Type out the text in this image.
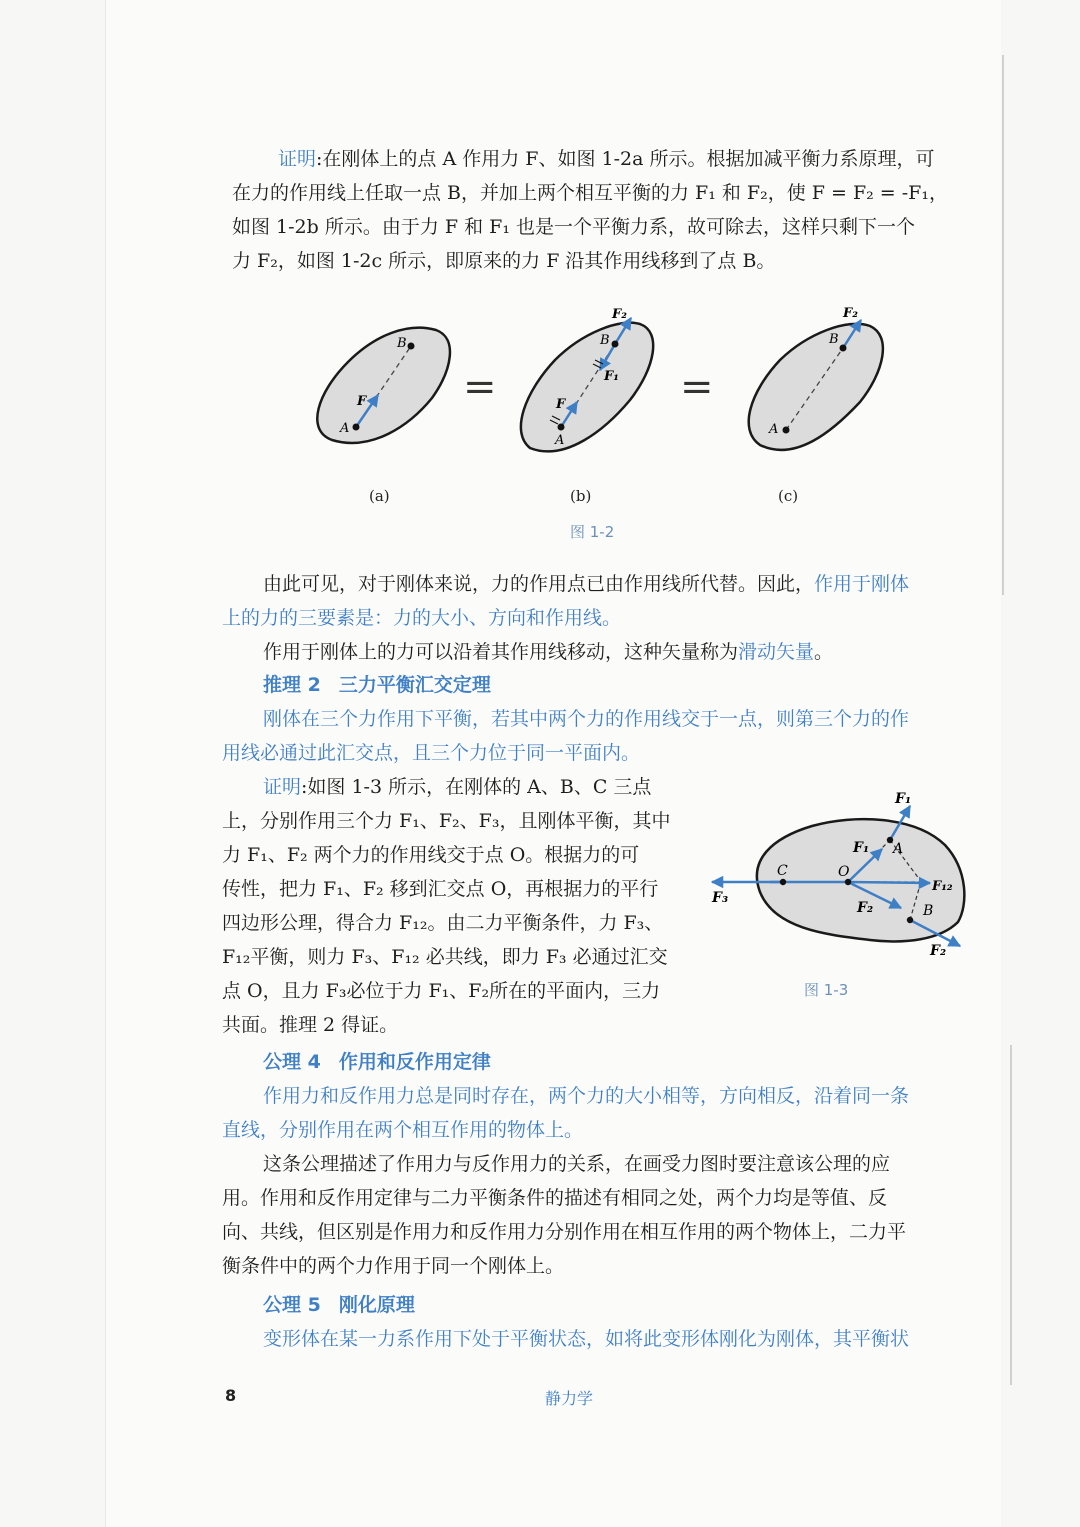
证明:在刚体上的点 A 作用力 F、如图 1-2a 所示。根据加减平衡力系原理，可
在力的作用线上任取一点 B，并加上两个相互平衡的力 F₁ 和 F₂，使 F = F₂ = -F₁，
如图 1-2b 所示。由于力 F 和 F₁ 也是一个平衡力系，故可除去，这样只剩下一个
力 F₂，如图 1-2c 所示，即原来的力 F 沿其作用线移到了点 B。
A
B
F =
A
B
F
F₁
F₂
=
A
B
F₂
(a)	(b)	(c)
图 1-2
由此可见，对于刚体来说，力的作用点已由作用线所代替。因此，作用于刚体
上的力的三要素是：力的大小、方向和作用线。
作用于刚体上的力可以沿着其作用线移动，这种矢量称为滑动矢量。
推理 2 三力平衡汇交定理
刚体在三个力作用下平衡，若其中两个力的作用线交于一点，则第三个力的作
用线必通过此汇交点，且三个力位于同一平面内。
证明:如图 1-3 所示，在刚体的 A、B、C 三点
上，分别作用三个力 F₁、F₂、F₃，且刚体平衡，其中
力 F₁、F₂ 两个力的作用线交于点 O。根据力的可
传性，把力 F₁、F₂ 移到汇交点 O，再根据力的平行
四边形公理，得合力 F₁₂。由二力平衡条件，力 F₃、
F₁₂平衡，则力 F₃、F₁₂ 必共线，即力 F₃ 必通过汇交
点 O，且力 F₃必位于力 F₁、F₂所在的平面内，三力
共面。推理 2 得证。
C	O
A
B
F₁
F₁
F₂
F₂
F₃
F₁₂
图 1-3
公理 4 作用和反作用定律
作用力和反作用力总是同时存在，两个力的大小相等，方向相反，沿着同一条
直线，分别作用在两个相互作用的物体上。
这条公理描述了作用力与反作用力的关系，在画受力图时要注意该公理的应
用。作用和反作用定律与二力平衡条件的描述有相同之处，两个力均是等值、反
向、共线，但区别是作用力和反作用力分别作用在相互作用的两个物体上，二力平
衡条件中的两个力作用于同一个刚体上。
公理 5 刚化原理
变形体在某一力系作用下处于平衡状态，如将此变形体刚化为刚体，其平衡状
8	静力学
